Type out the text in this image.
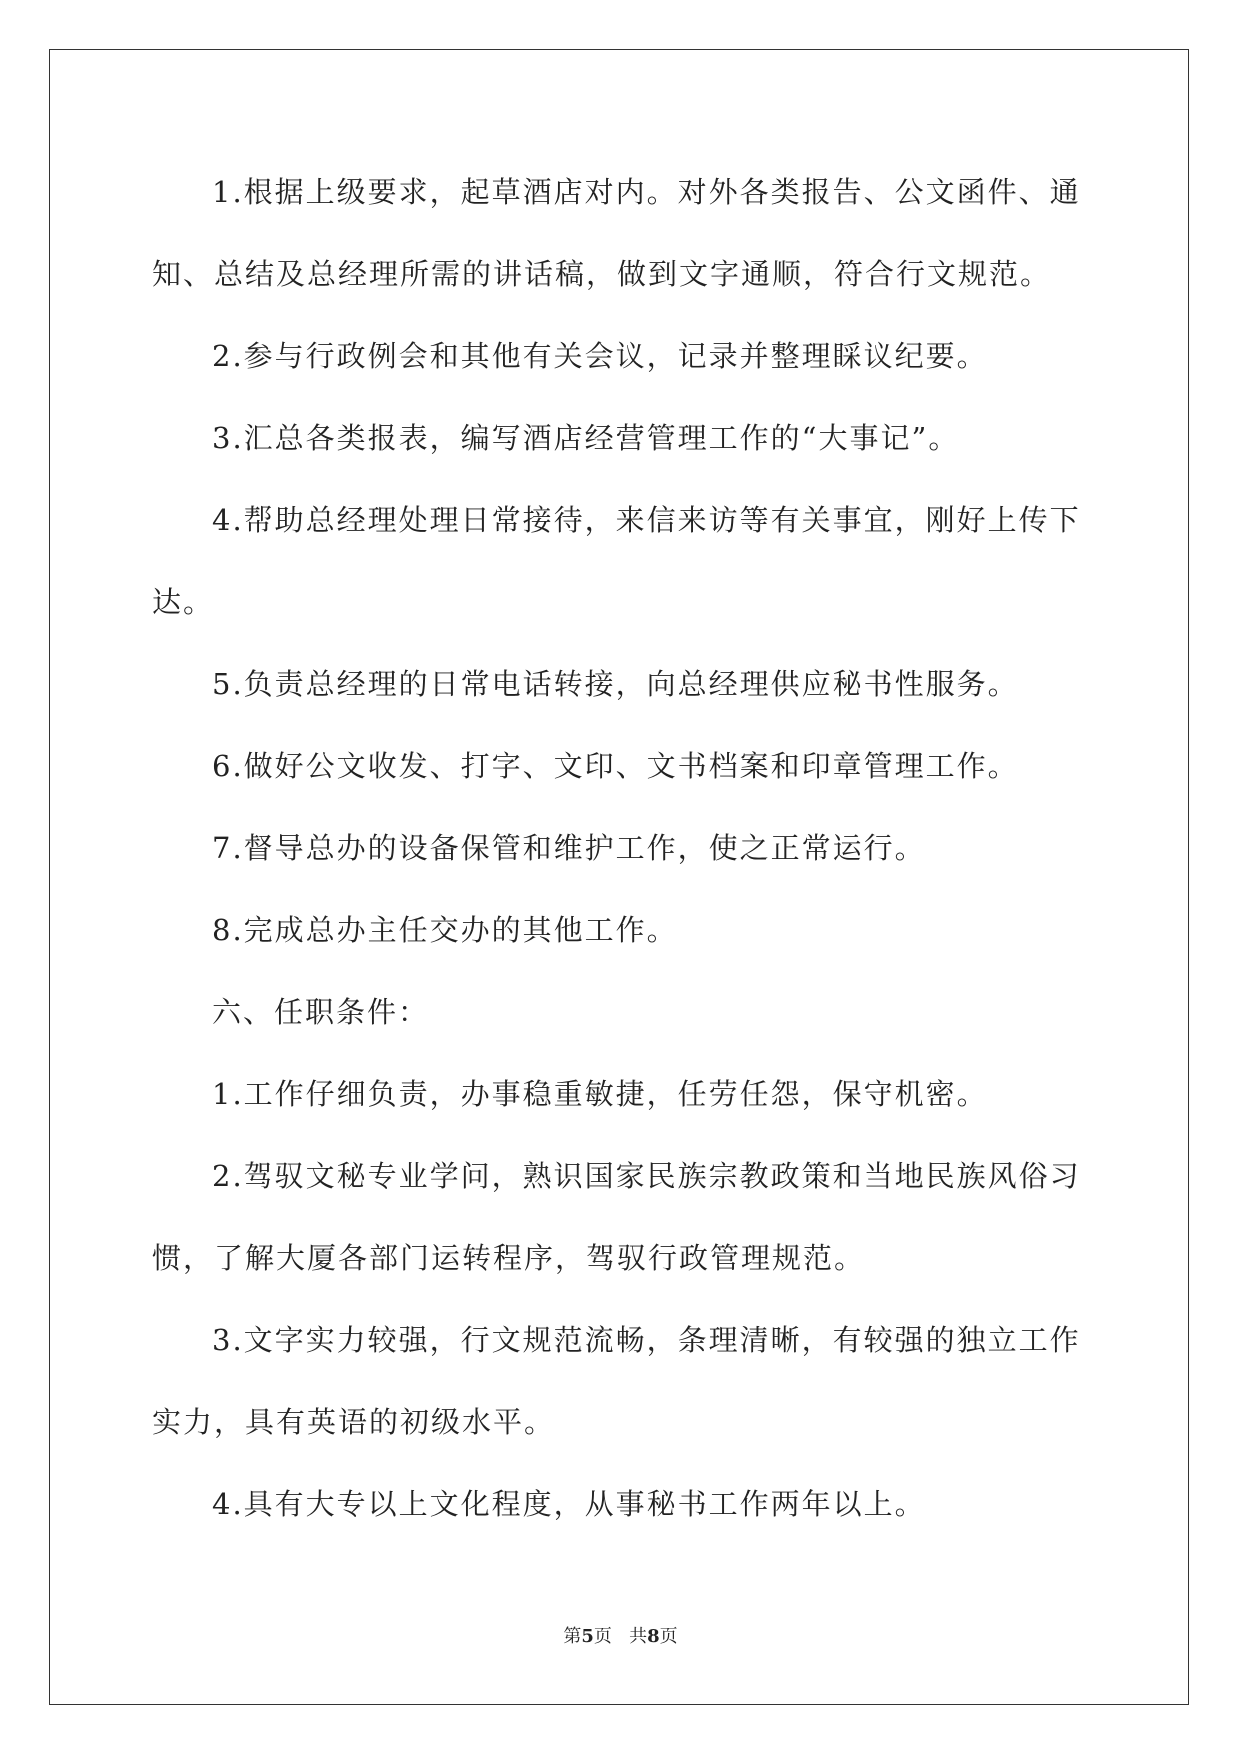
1.根据上级要求，起草酒店对内。对外各类报告、公文函件、通
知、总结及总经理所需的讲话稿，做到文字通顺，符合行文规范。
2.参与行政例会和其他有关会议，记录并整理睬议纪要。
3.汇总各类报表，编写酒店经营管理工作的“大事记”。
4.帮助总经理处理日常接待，来信来访等有关事宜，刚好上传下
达。
5.负责总经理的日常电话转接，向总经理供应秘书性服务。
6.做好公文收发、打字、文印、文书档案和印章管理工作。
7.督导总办的设备保管和维护工作，使之正常运行。
8.完成总办主任交办的其他工作。
六、任职条件：
1.工作仔细负责，办事稳重敏捷，任劳任怨，保守机密。
2.驾驭文秘专业学问，熟识国家民族宗教政策和当地民族风俗习
惯，了解大厦各部门运转程序，驾驭行政管理规范。
3.文字实力较强，行文规范流畅，条理清晰，有较强的独立工作
实力，具有英语的初级水平。
4.具有大专以上文化程度，从事秘书工作两年以上。
第5页 共8页
